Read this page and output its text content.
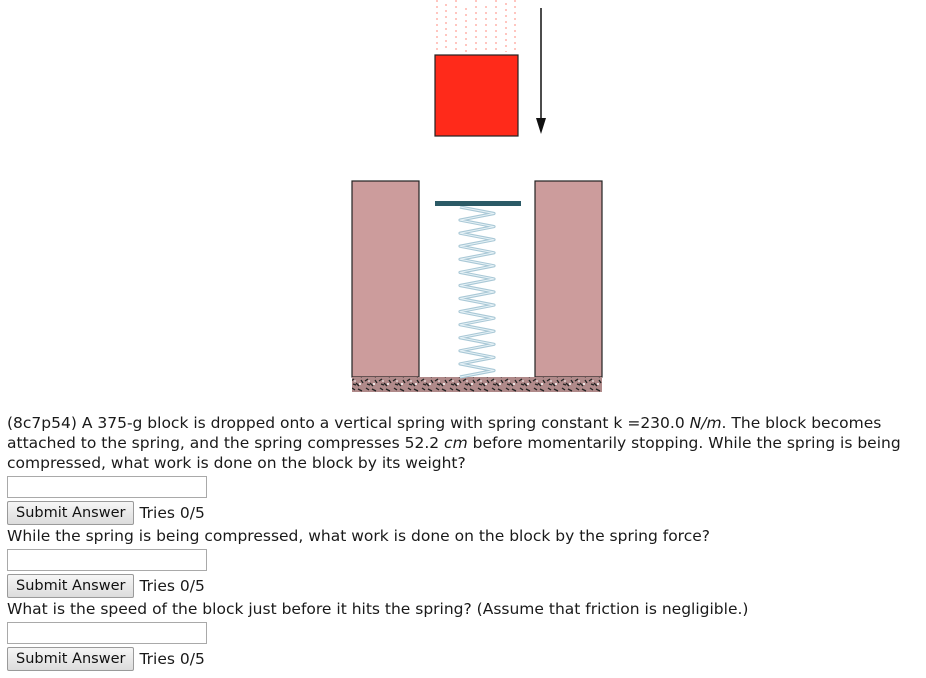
(8c7p54) A 375-g block is dropped onto a vertical spring with spring constant k =230.0 N/m. The block becomes attached to the spring, and the spring compresses 52.2 cm before momentarily stopping. While the spring is being compressed, what work is done on the block by its weight?

Submit Answer Tries 0/5

While the spring is being compressed, what work is done on the block by the spring force?

Submit Answer Tries 0/5

What is the speed of the block just before it hits the spring? (Assume that friction is negligible.)

Submit Answer Tries 0/5
